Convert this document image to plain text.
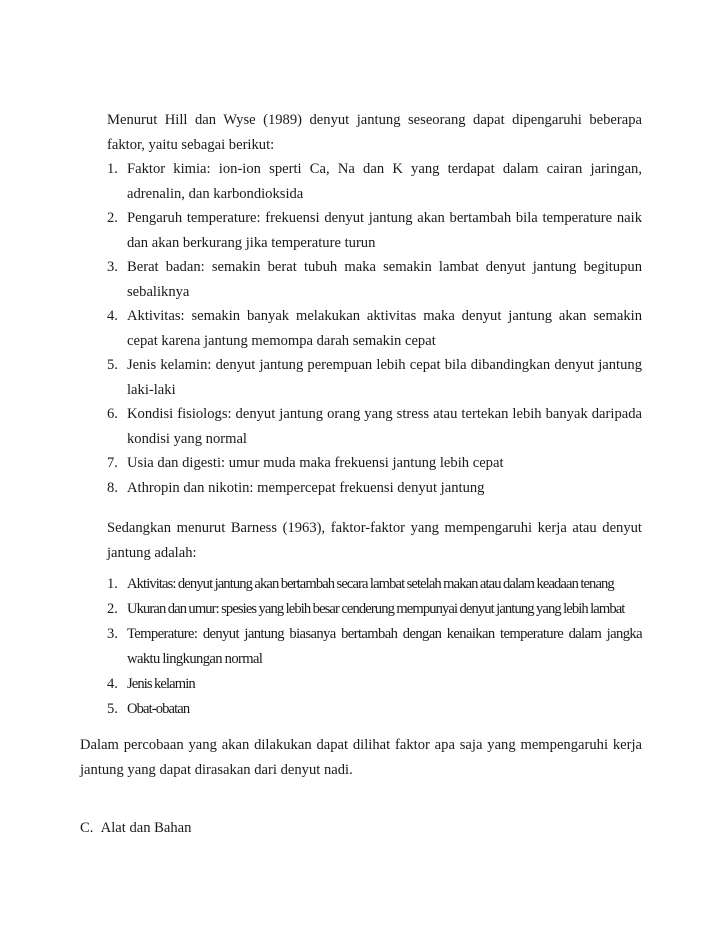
Menurut Hill dan Wyse (1989) denyut jantung seseorang dapat dipengaruhi beberapa faktor, yaitu sebagai berikut:

1. Faktor kimia: ion-ion sperti Ca, Na dan K yang terdapat dalam cairan jaringan, adrenalin, dan karbondioksida
2. Pengaruh temperature: frekuensi denyut jantung akan bertambah bila temperature naik dan akan berkurang jika temperature turun
3. Berat badan: semakin berat tubuh maka semakin lambat denyut jantung begitupun sebaliknya
4. Aktivitas: semakin banyak melakukan aktivitas maka denyut jantung akan semakin cepat karena jantung memompa darah semakin cepat
5. Jenis kelamin: denyut jantung perempuan lebih cepat bila dibandingkan denyut jantung laki-laki
6. Kondisi fisiologs: denyut jantung orang yang stress atau tertekan lebih banyak daripada kondisi yang normal
7. Usia dan digesti: umur muda maka frekuensi jantung lebih cepat
8. Athropin dan nikotin: mempercepat frekuensi denyut jantung

Sedangkan menurut Barness (1963), faktor-faktor yang mempengaruhi kerja atau denyut jantung adalah:

1. Aktivitas: denyut jantung akan bertambah secara lambat setelah makan atau dalam keadaan tenang
2. Ukuran dan umur: spesies yang lebih besar cenderung mempunyai denyut jantung yang lebih lambat
3. Temperature: denyut jantung biasanya bertambah dengan kenaikan temperature dalam jangka waktu lingkungan normal
4. Jenis kelamin
5. Obat-obatan

Dalam percobaan yang akan dilakukan dapat dilihat faktor apa saja yang mempengaruhi kerja jantung yang dapat dirasakan dari denyut nadi.

C.  Alat dan Bahan
